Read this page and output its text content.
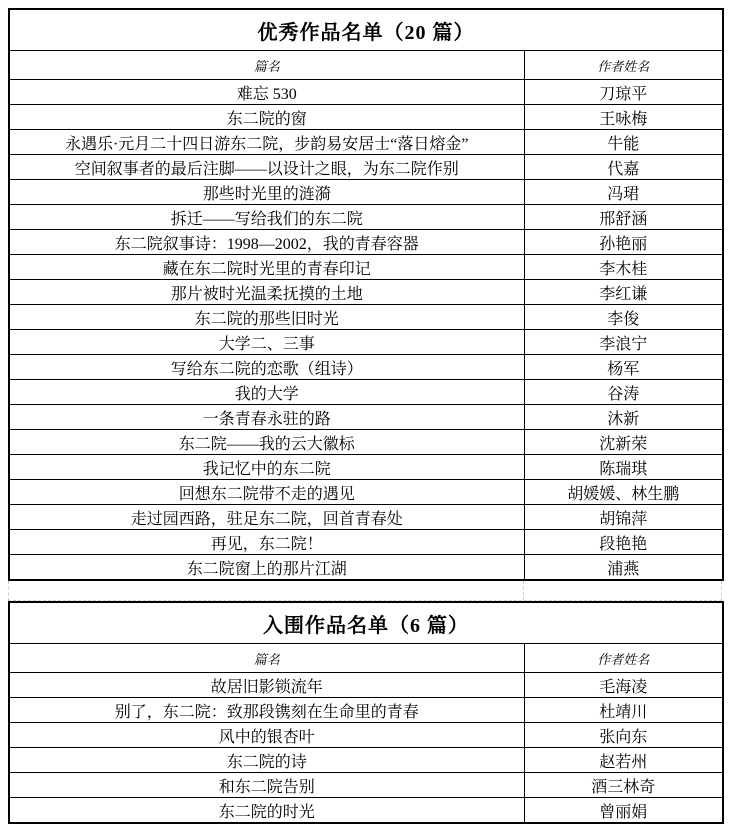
优秀作品名单（20 篇）	
篇名	作者姓名
难忘 530	刀琼平
东二院的窗	王咏梅
永遇乐·元月二十四日游东二院，步韵易安居士“落日熔金”	牛能
空间叙事者的最后注脚——以设计之眼，为东二院作别	代嘉
那些时光里的涟漪	冯珺
拆迁——写给我们的东二院	邢舒涵
东二院叙事诗：1998—2002，我的青春容器	孙艳丽
藏在东二院时光里的青春印记	李木桂
那片被时光温柔抚摸的土地	李红谦
东二院的那些旧时光	李俊
大学二、三事	李浪宁
写给东二院的恋歌（组诗）	杨军
我的大学	谷涛
一条青春永驻的路	沐新
东二院——我的云大徽标	沈新荣
我记忆中的东二院	陈瑞琪
回想东二院带不走的遇见	胡媛媛、林生鹏
走过园西路，驻足东二院，回首青春处	胡锦萍
再见，东二院！	段艳艳
东二院窗上的那片江湖	浦燕
入围作品名单（6 篇）	
篇名	作者姓名
故居旧影锁流年	毛海凌
别了，东二院：致那段镌刻在生命里的青春	杜靖川
风中的银杏叶	张向东
东二院的诗	赵若州
和东二院告别	酒三林奇
东二院的时光	曾丽娟
